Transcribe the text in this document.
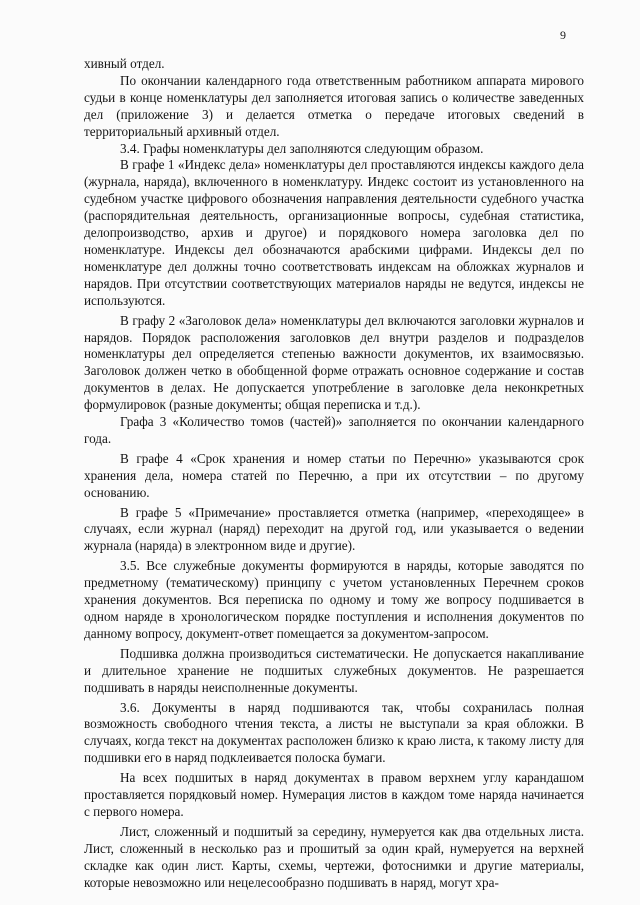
9

хивный отдел.

По окончании календарного года ответственным работником аппарата мирового судьи в конце номенклатуры дел заполняется итоговая запись о количестве заведенных дел (приложение 3) и делается отметка о передаче итоговых сведений в территориальный архивный отдел.

3.4. Графы номенклатуры дел заполняются следующим образом.

В графе 1 «Индекс дела» номенклатуры дел проставляются индексы каждого дела (журнала, наряда), включенного в номенклатуру. Индекс состоит из установленного на судебном участке цифрового обозначения направления деятельности судебного участка (распорядительная деятельность, организационные вопросы, судебная статистика, делопроизводство, архив и другое) и порядкового номера заголовка дел по номенклатуре. Индексы дел обозначаются арабскими цифрами. Индексы дел по номенклатуре дел должны точно соответствовать индексам на обложках журналов и нарядов. При отсутствии соответствующих материалов наряды не ведутся, индексы не используются.

В графу 2 «Заголовок дела» номенклатуры дел включаются заголовки журналов и нарядов. Порядок расположения заголовков дел внутри разделов и подразделов номенклатуры дел определяется степенью важности документов, их взаимосвязью. Заголовок должен четко в обобщенной форме отражать основное содержание и состав документов в делах. Не допускается употребление в заголовке дела неконкретных формулировок (разные документы; общая переписка и т.д.).

Графа 3 «Количество томов (частей)» заполняется по окончании календарного года.

В графе 4 «Срок хранения и номер статьи по Перечню» указываются срок хранения дела, номера статей по Перечню, а при их отсутствии – по другому основанию.

В графе 5 «Примечание» проставляется отметка (например, «переходящее» в случаях, если журнал (наряд) переходит на другой год, или указывается о ведении журнала (наряда) в электронном виде и другие).

3.5. Все служебные документы формируются в наряды, которые заводятся по предметному (тематическому) принципу с учетом установленных Перечнем сроков хранения документов. Вся переписка по одному и тому же вопросу подшивается в одном наряде в хронологическом порядке поступления и исполнения документов по данному вопросу, документ-ответ помещается за документом-запросом.

Подшивка должна производиться систематически. Не допускается накапливание и длительное хранение не подшитых служебных документов. Не разрешается подшивать в наряды неисполненные документы.

3.6. Документы в наряд подшиваются так, чтобы сохранилась полная возможность свободного чтения текста, а листы не выступали за края обложки. В случаях, когда текст на документах расположен близко к краю листа, к такому листу для подшивки его в наряд подклеивается полоска бумаги.

На всех подшитых в наряд документах в правом верхнем углу карандашом проставляется порядковый номер. Нумерация листов в каждом томе наряда начинается с первого номера.

Лист, сложенный и подшитый за середину, нумеруется как два отдельных листа. Лист, сложенный в несколько раз и прошитый за один край, нумеруется на верхней складке как один лист. Карты, схемы, чертежи, фотоснимки и другие материалы, которые невозможно или нецелесообразно подшивать в наряд, могут хра-
